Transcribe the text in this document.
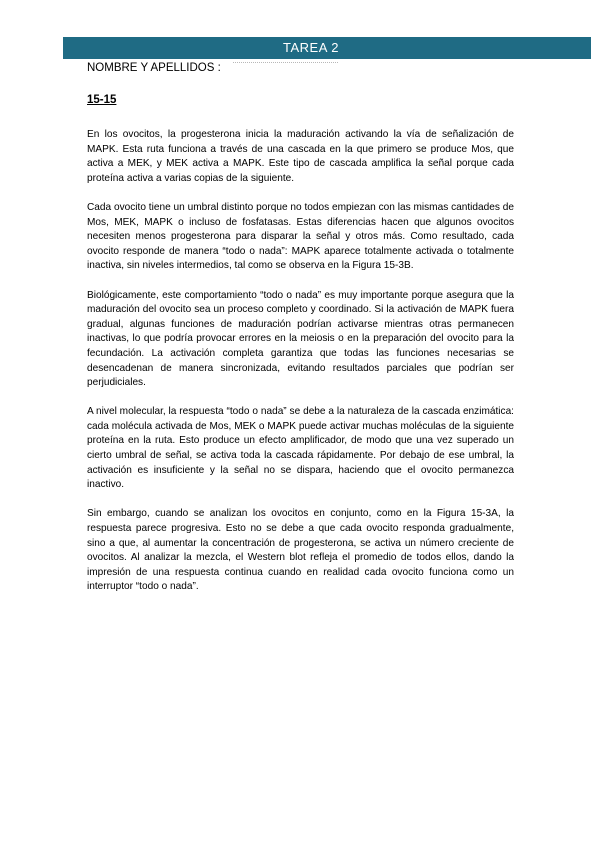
TAREA 2
NOMBRE Y APELLIDOS :
15-15

En los ovocitos, la progesterona inicia la maduración activando la vía de señalización de MAPK. Esta ruta funciona a través de una cascada en la que primero se produce Mos, que activa a MEK, y MEK activa a MAPK. Este tipo de cascada amplifica la señal porque cada proteína activa a varias copias de la siguiente.

Cada ovocito tiene un umbral distinto porque no todos empiezan con las mismas cantidades de Mos, MEK, MAPK o incluso de fosfatasas. Estas diferencias hacen que algunos ovocitos necesiten menos progesterona para disparar la señal y otros más. Como resultado, cada ovocito responde de manera “todo o nada”: MAPK aparece totalmente activada o totalmente inactiva, sin niveles intermedios, tal como se observa en la Figura 15-3B.

Biológicamente, este comportamiento “todo o nada” es muy importante porque asegura que la maduración del ovocito sea un proceso completo y coordinado. Si la activación de MAPK fuera gradual, algunas funciones de maduración podrían activarse mientras otras permanecen inactivas, lo que podría provocar errores en la meiosis o en la preparación del ovocito para la fecundación. La activación completa garantiza que todas las funciones necesarias se desencadenan de manera sincronizada, evitando resultados parciales que podrían ser perjudiciales.

A nivel molecular, la respuesta “todo o nada” se debe a la naturaleza de la cascada enzimática: cada molécula activada de Mos, MEK o MAPK puede activar muchas moléculas de la siguiente proteína en la ruta. Esto produce un efecto amplificador, de modo que una vez superado un cierto umbral de señal, se activa toda la cascada rápidamente. Por debajo de ese umbral, la activación es insuficiente y la señal no se dispara, haciendo que el ovocito permanezca inactivo.

Sin embargo, cuando se analizan los ovocitos en conjunto, como en la Figura 15-3A, la respuesta parece progresiva. Esto no se debe a que cada ovocito responda gradualmente, sino a que, al aumentar la concentración de progesterona, se activa un número creciente de ovocitos. Al analizar la mezcla, el Western blot refleja el promedio de todos ellos, dando la impresión de una respuesta continua cuando en realidad cada ovocito funciona como un interruptor “todo o nada”.
